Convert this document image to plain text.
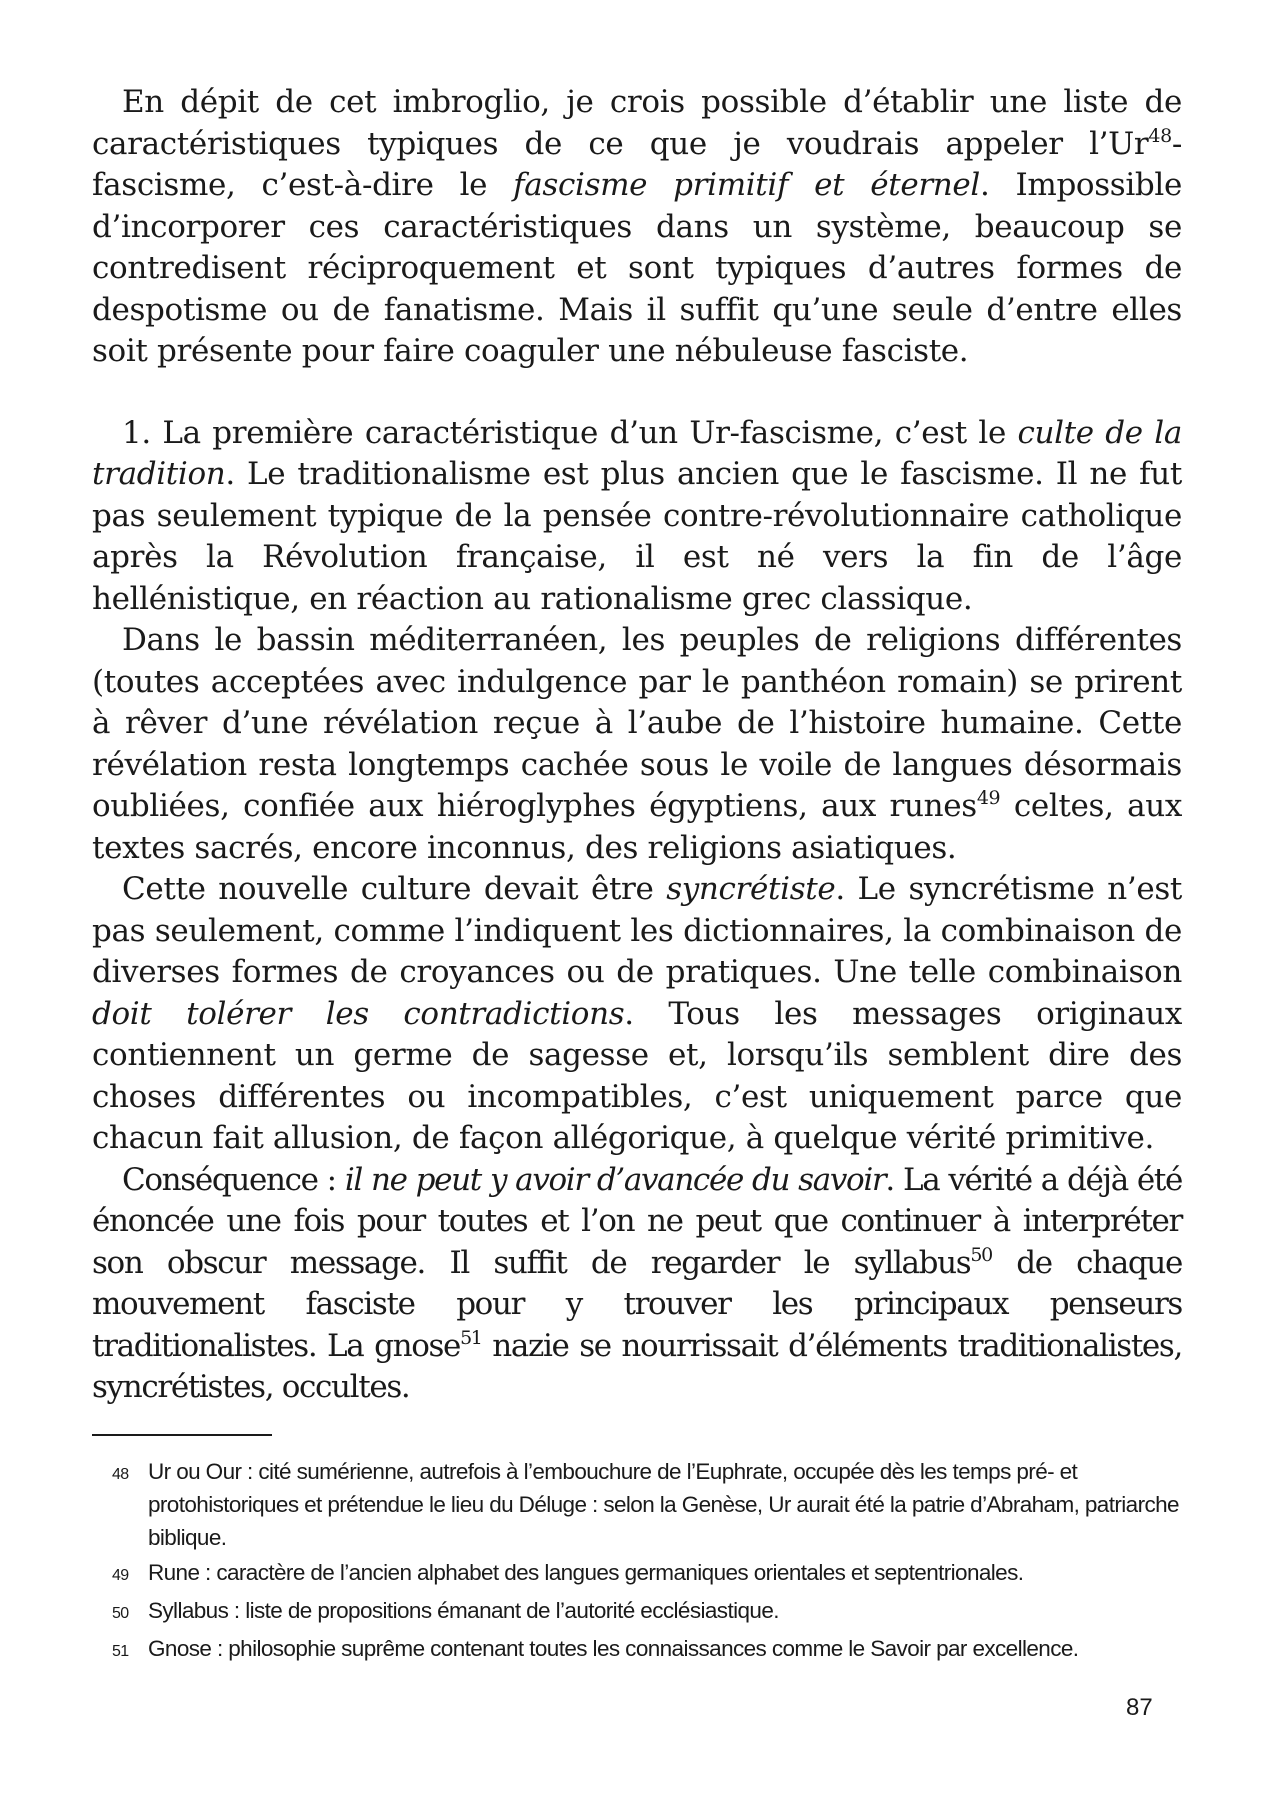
En dépit de cet imbroglio, je crois possible d’établir une liste de caractéristiques typiques de ce que je voudrais appeler l’Ur$^{48}$-fascisme, c’est-à-dire le fascisme primitif et éternel. Impossible d’incorporer ces caractéristiques dans un système, beaucoup se contredisent réciproquement et sont typiques d’autres formes de despotisme ou de fanatisme. Mais il suffit qu’une seule d’entre elles soit présente pour faire coaguler une nébuleuse fasciste.

1. La première caractéristique d’un Ur-fascisme, c’est le culte de la tradition. Le traditionalisme est plus ancien que le fascisme. Il ne fut pas seulement typique de la pensée contre-révolutionnaire catholique après la Révolution française, il est né vers la fin de l’âge hellénistique, en réaction au rationalisme grec classique.

Dans le bassin méditerranéen, les peuples de religions différentes (toutes acceptées avec indulgence par le panthéon romain) se prirent à rêver d’une révélation reçue à l’aube de l’histoire humaine. Cette révélation resta longtemps cachée sous le voile de langues désormais oubliées, confiée aux hiéroglyphes égyptiens, aux runes$^{49}$ celtes, aux textes sacrés, encore inconnus, des religions asiatiques.

Cette nouvelle culture devait être syncrétiste. Le syncrétisme n’est pas seulement, comme l’indiquent les dictionnaires, la combinaison de diverses formes de croyances ou de pratiques. Une telle combinaison doit tolérer les contradictions. Tous les messages originaux contiennent un germe de sagesse et, lorsqu’ils semblent dire des choses différentes ou incompatibles, c’est uniquement parce que chacun fait allusion, de façon allégorique, à quelque vérité primitive.

Conséquence : il ne peut y avoir d’avancée du savoir. La vérité a déjà été énoncée une fois pour toutes et l’on ne peut que continuer à interpréter son obscur message. Il suffit de regarder le syllabus$^{50}$ de chaque mouvement fasciste pour y trouver les principaux penseurs traditionalistes. La gnose$^{51}$ nazie se nourrissait d’éléments traditionalistes, syncrétistes, occultes.

48 Ur ou Our : cité sumérienne, autrefois à l’embouchure de l’Euphrate, occupée dès les temps pré- et protohistoriques et prétendue le lieu du Déluge : selon la Genèse, Ur aurait été la patrie d’Abraham, patriarche biblique.
49 Rune : caractère de l’ancien alphabet des langues germaniques orientales et septentrionales.
50 Syllabus : liste de propositions émanant de l’autorité ecclésiastique.
51 Gnose : philosophie suprême contenant toutes les connaissances comme le Savoir par excellence.
87
